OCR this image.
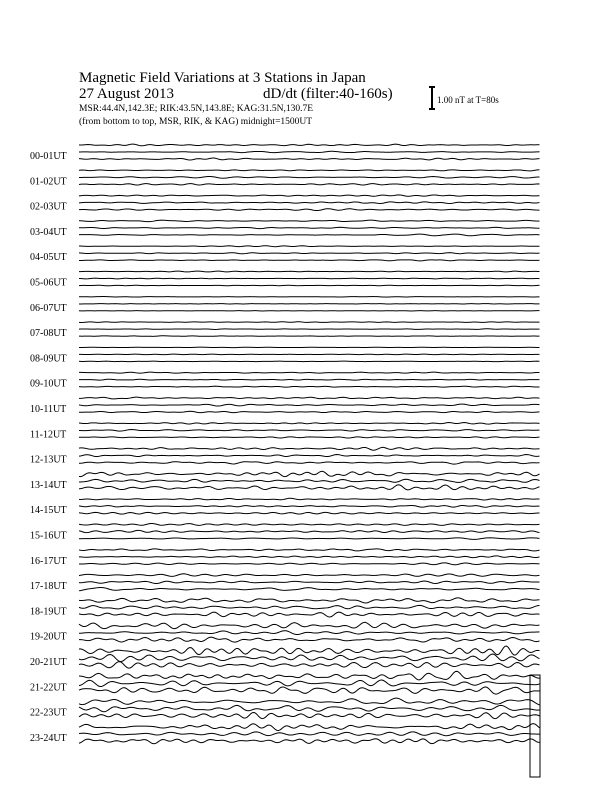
Magnetic Field Variations at 3 Stations in Japan
27 August 2013	dD/dt (filter:40-160s)
MSR:44.4N,142.3E; RIK:43.5N,143.8E; KAG:31.5N,130.7E
(from bottom to top, MSR, RIK, & KAG) midnight=1500UT
1.00 nT at T=80s
00-01UT
01-02UT
02-03UT
03-04UT
04-05UT
05-06UT
06-07UT
07-08UT
08-09UT
09-10UT
10-11UT
11-12UT
12-13UT
13-14UT
14-15UT
15-16UT
16-17UT
17-18UT
18-19UT
19-20UT
20-21UT
21-22UT
22-23UT
23-24UT
